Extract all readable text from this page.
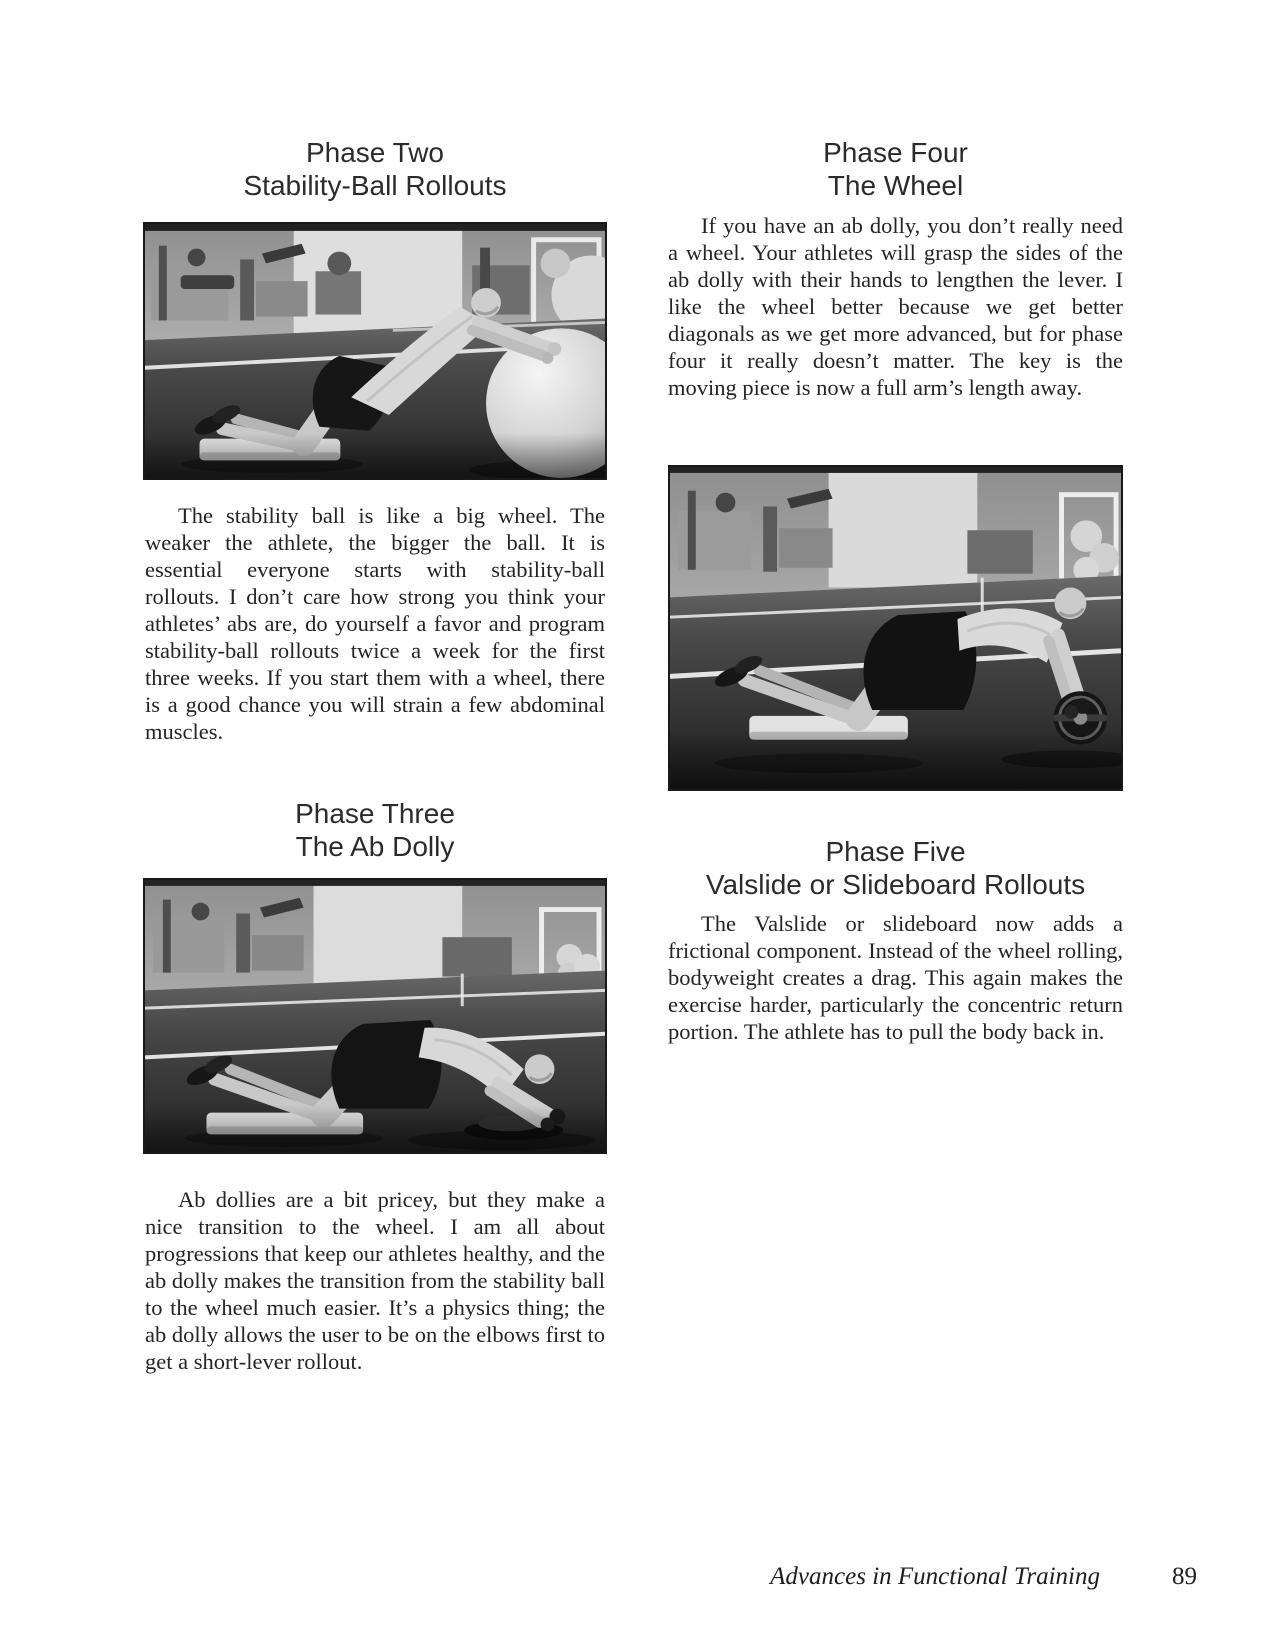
Phase Two
Stability-Ball Rollouts

The stability ball is like a big wheel. The weaker the athlete, the bigger the ball. It is essential everyone starts with stability-ball rollouts. I don’t care how strong you think your athletes’ abs are, do yourself a favor and program stability-ball rollouts twice a week for the first three weeks. If you start them with a wheel, there is a good chance you will strain a few abdominal muscles.

Phase Three
The Ab Dolly

Ab dollies are a bit pricey, but they make a nice transition to the wheel. I am all about progressions that keep our athletes healthy, and the ab dolly makes the transition from the stability ball to the wheel much easier. It’s a physics thing; the ab dolly allows the user to be on the elbows first to get a short-lever rollout.

Phase Four
The Wheel

If you have an ab dolly, you don’t really need a wheel. Your athletes will grasp the sides of the ab dolly with their hands to lengthen the lever. I like the wheel better because we get better diagonals as we get more advanced, but for phase four it really doesn’t matter. The key is the moving piece is now a full arm’s length away.

Phase Five
Valslide or Slideboard Rollouts

The Valslide or slideboard now adds a frictional component. Instead of the wheel rolling, bodyweight creates a drag. This again makes the exercise harder, particularly the concentric return portion. The athlete has to pull the body back in.

Advances in Functional Training	89
